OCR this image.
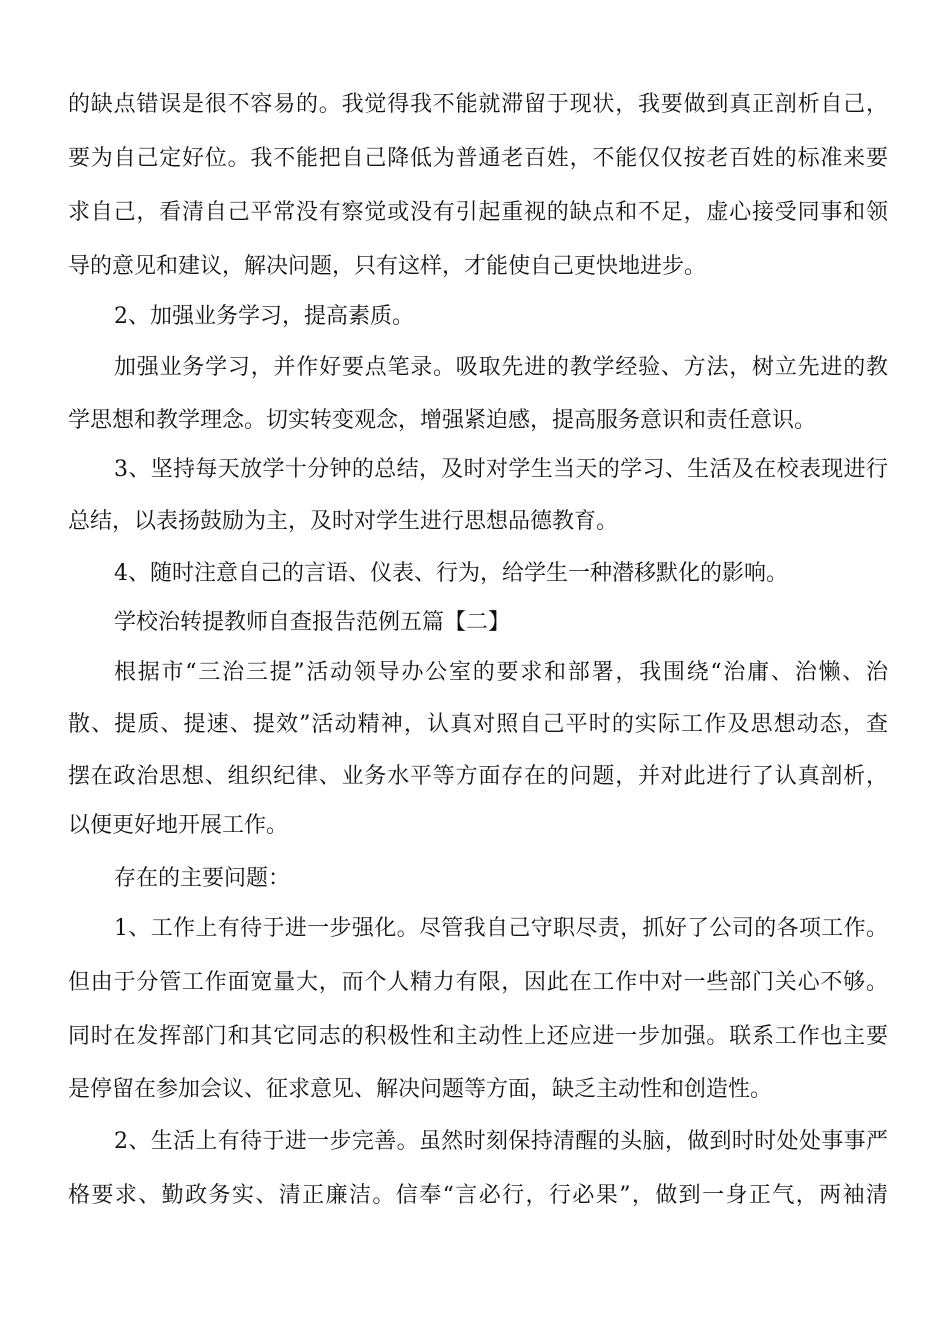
的缺点错误是很不容易的。我觉得我不能就滞留于现状，我要做到真正剖析自己，
要为自己定好位。我不能把自己降低为普通老百姓，不能仅仅按老百姓的标准来要
求自己，看清自己平常没有察觉或没有引起重视的缺点和不足，虚心接受同事和领
导的意见和建议，解决问题，只有这样，才能使自己更快地进步。
2、加强业务学习，提高素质。
加强业务学习，并作好要点笔录。吸取先进的教学经验、方法，树立先进的教
学思想和教学理念。切实转变观念，增强紧迫感，提高服务意识和责任意识。
3、坚持每天放学十分钟的总结，及时对学生当天的学习、生活及在校表现进行
总结，以表扬鼓励为主，及时对学生进行思想品德教育。
4、随时注意自己的言语、仪表、行为，给学生一种潜移默化的影响。
学校治转提教师自查报告范例五篇【二】
根据市“三治三提”活动领导办公室的要求和部署，我围绕“治庸、治懒、治
散、提质、提速、提效”活动精神，认真对照自己平时的实际工作及思想动态，查
摆在政治思想、组织纪律、业务水平等方面存在的问题，并对此进行了认真剖析，
以便更好地开展工作。
存在的主要问题：
1、工作上有待于进一步强化。尽管我自己守职尽责，抓好了公司的各项工作。
但由于分管工作面宽量大，而个人精力有限，因此在工作中对一些部门关心不够。
同时在发挥部门和其它同志的积极性和主动性上还应进一步加强。联系工作也主要
是停留在参加会议、征求意见、解决问题等方面，缺乏主动性和创造性。
2、生活上有待于进一步完善。虽然时刻保持清醒的头脑，做到时时处处事事严
格要求、勤政务实、清正廉洁。信奉“言必行，行必果”，做到一身正气，两袖清
